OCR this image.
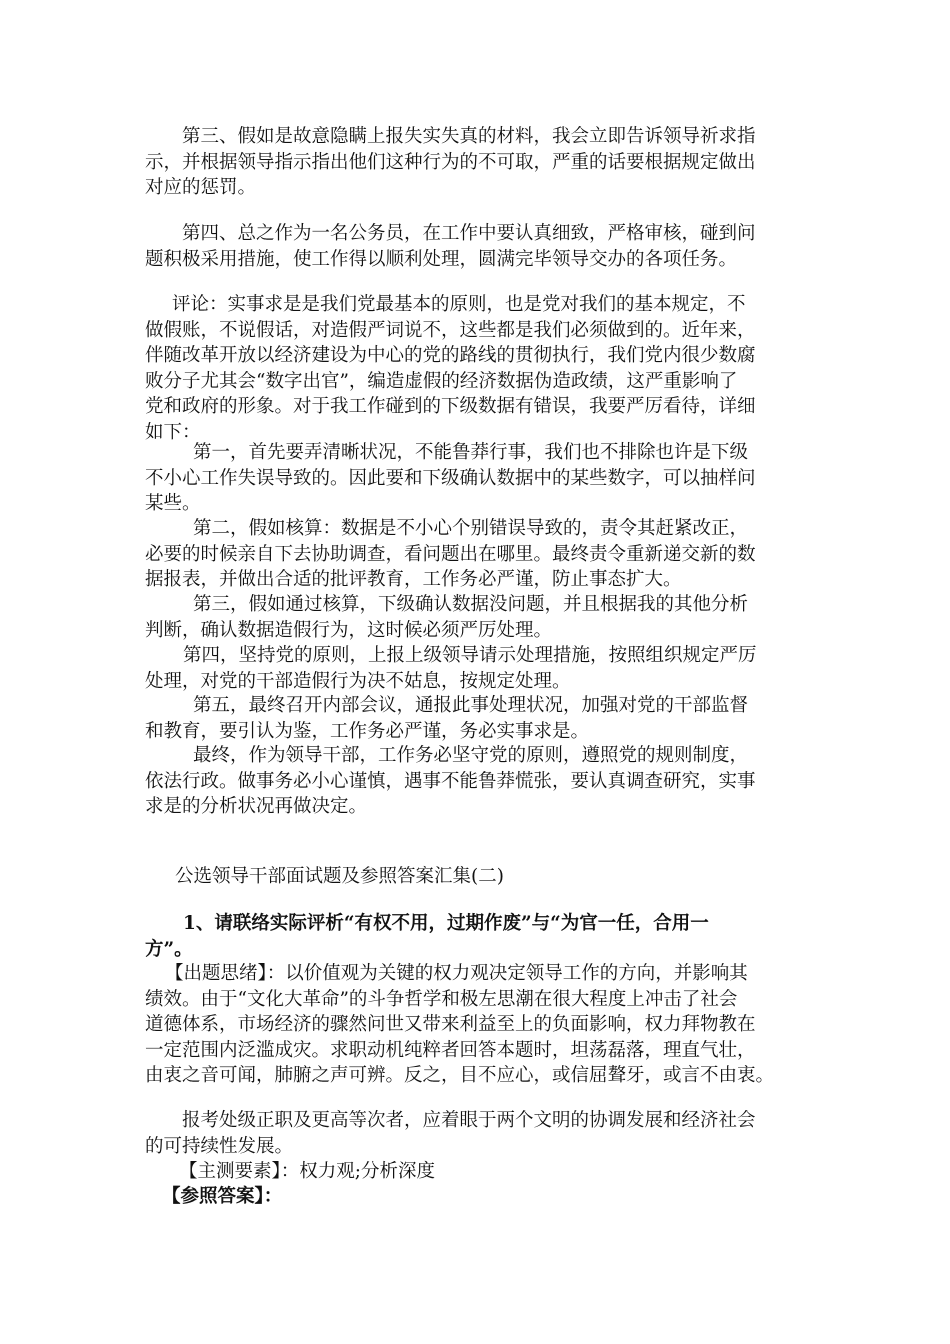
第三、假如是故意隐瞒上报失实失真的材料，我会立即告诉领导祈求指
示，并根据领导指示指出他们这种行为的不可取，严重的话要根据规定做出
对应的惩罚。
第四、总之作为一名公务员，在工作中要认真细致，严格审核，碰到问
题积极采用措施，使工作得以顺利处理，圆满完毕领导交办的各项任务。
评论：实事求是是我们党最基本的原则，也是党对我们的基本规定，不
做假账，不说假话，对造假严词说不，这些都是我们必须做到的。近年来，
伴随改革开放以经济建设为中心的党的路线的贯彻执行，我们党内很少数腐
败分子尤其会“数字出官”，编造虚假的经济数据伪造政绩，这严重影响了
党和政府的形象。对于我工作碰到的下级数据有错误，我要严厉看待，详细
如下：
第一，首先要弄清晰状况，不能鲁莽行事，我们也不排除也许是下级
不小心工作失误导致的。因此要和下级确认数据中的某些数字，可以抽样问
某些。
第二，假如核算：数据是不小心个别错误导致的，责令其赶紧改正，
必要的时候亲自下去协助调查，看问题出在哪里。最终责令重新递交新的数
据报表，并做出合适的批评教育，工作务必严谨，防止事态扩大。
第三，假如通过核算，下级确认数据没问题，并且根据我的其他分析
判断，确认数据造假行为，这时候必须严厉处理。
第四，坚持党的原则，上报上级领导请示处理措施，按照组织规定严厉
处理，对党的干部造假行为决不姑息，按规定处理。
第五，最终召开内部会议，通报此事处理状况，加强对党的干部监督
和教育，要引认为鉴，工作务必严谨，务必实事求是。
最终，作为领导干部，工作务必坚守党的原则，遵照党的规则制度，
依法行政。做事务必小心谨慎，遇事不能鲁莽慌张，要认真调查研究，实事
求是的分析状况再做决定。
公选领导干部面试题及参照答案汇集(二)
1、请联络实际评析“有权不用，过期作废”与“为官一任，合用一
方”。
【出题思绪】：以价值观为关键的权力观决定领导工作的方向，并影响其
绩效。由于“文化大革命”的斗争哲学和极左思潮在很大程度上冲击了社会
道德体系，市场经济的骤然问世又带来利益至上的负面影响，权力拜物教在
一定范围内泛滥成灾。求职动机纯粹者回答本题时，坦荡磊落，理直气壮，
由衷之音可闻，肺腑之声可辨。反之，目不应心，或信屈聱牙，或言不由衷。
报考处级正职及更高等次者，应着眼于两个文明的协调发展和经济社会
的可持续性发展。
【主测要素】：权力观;分析深度
【参照答案】：
